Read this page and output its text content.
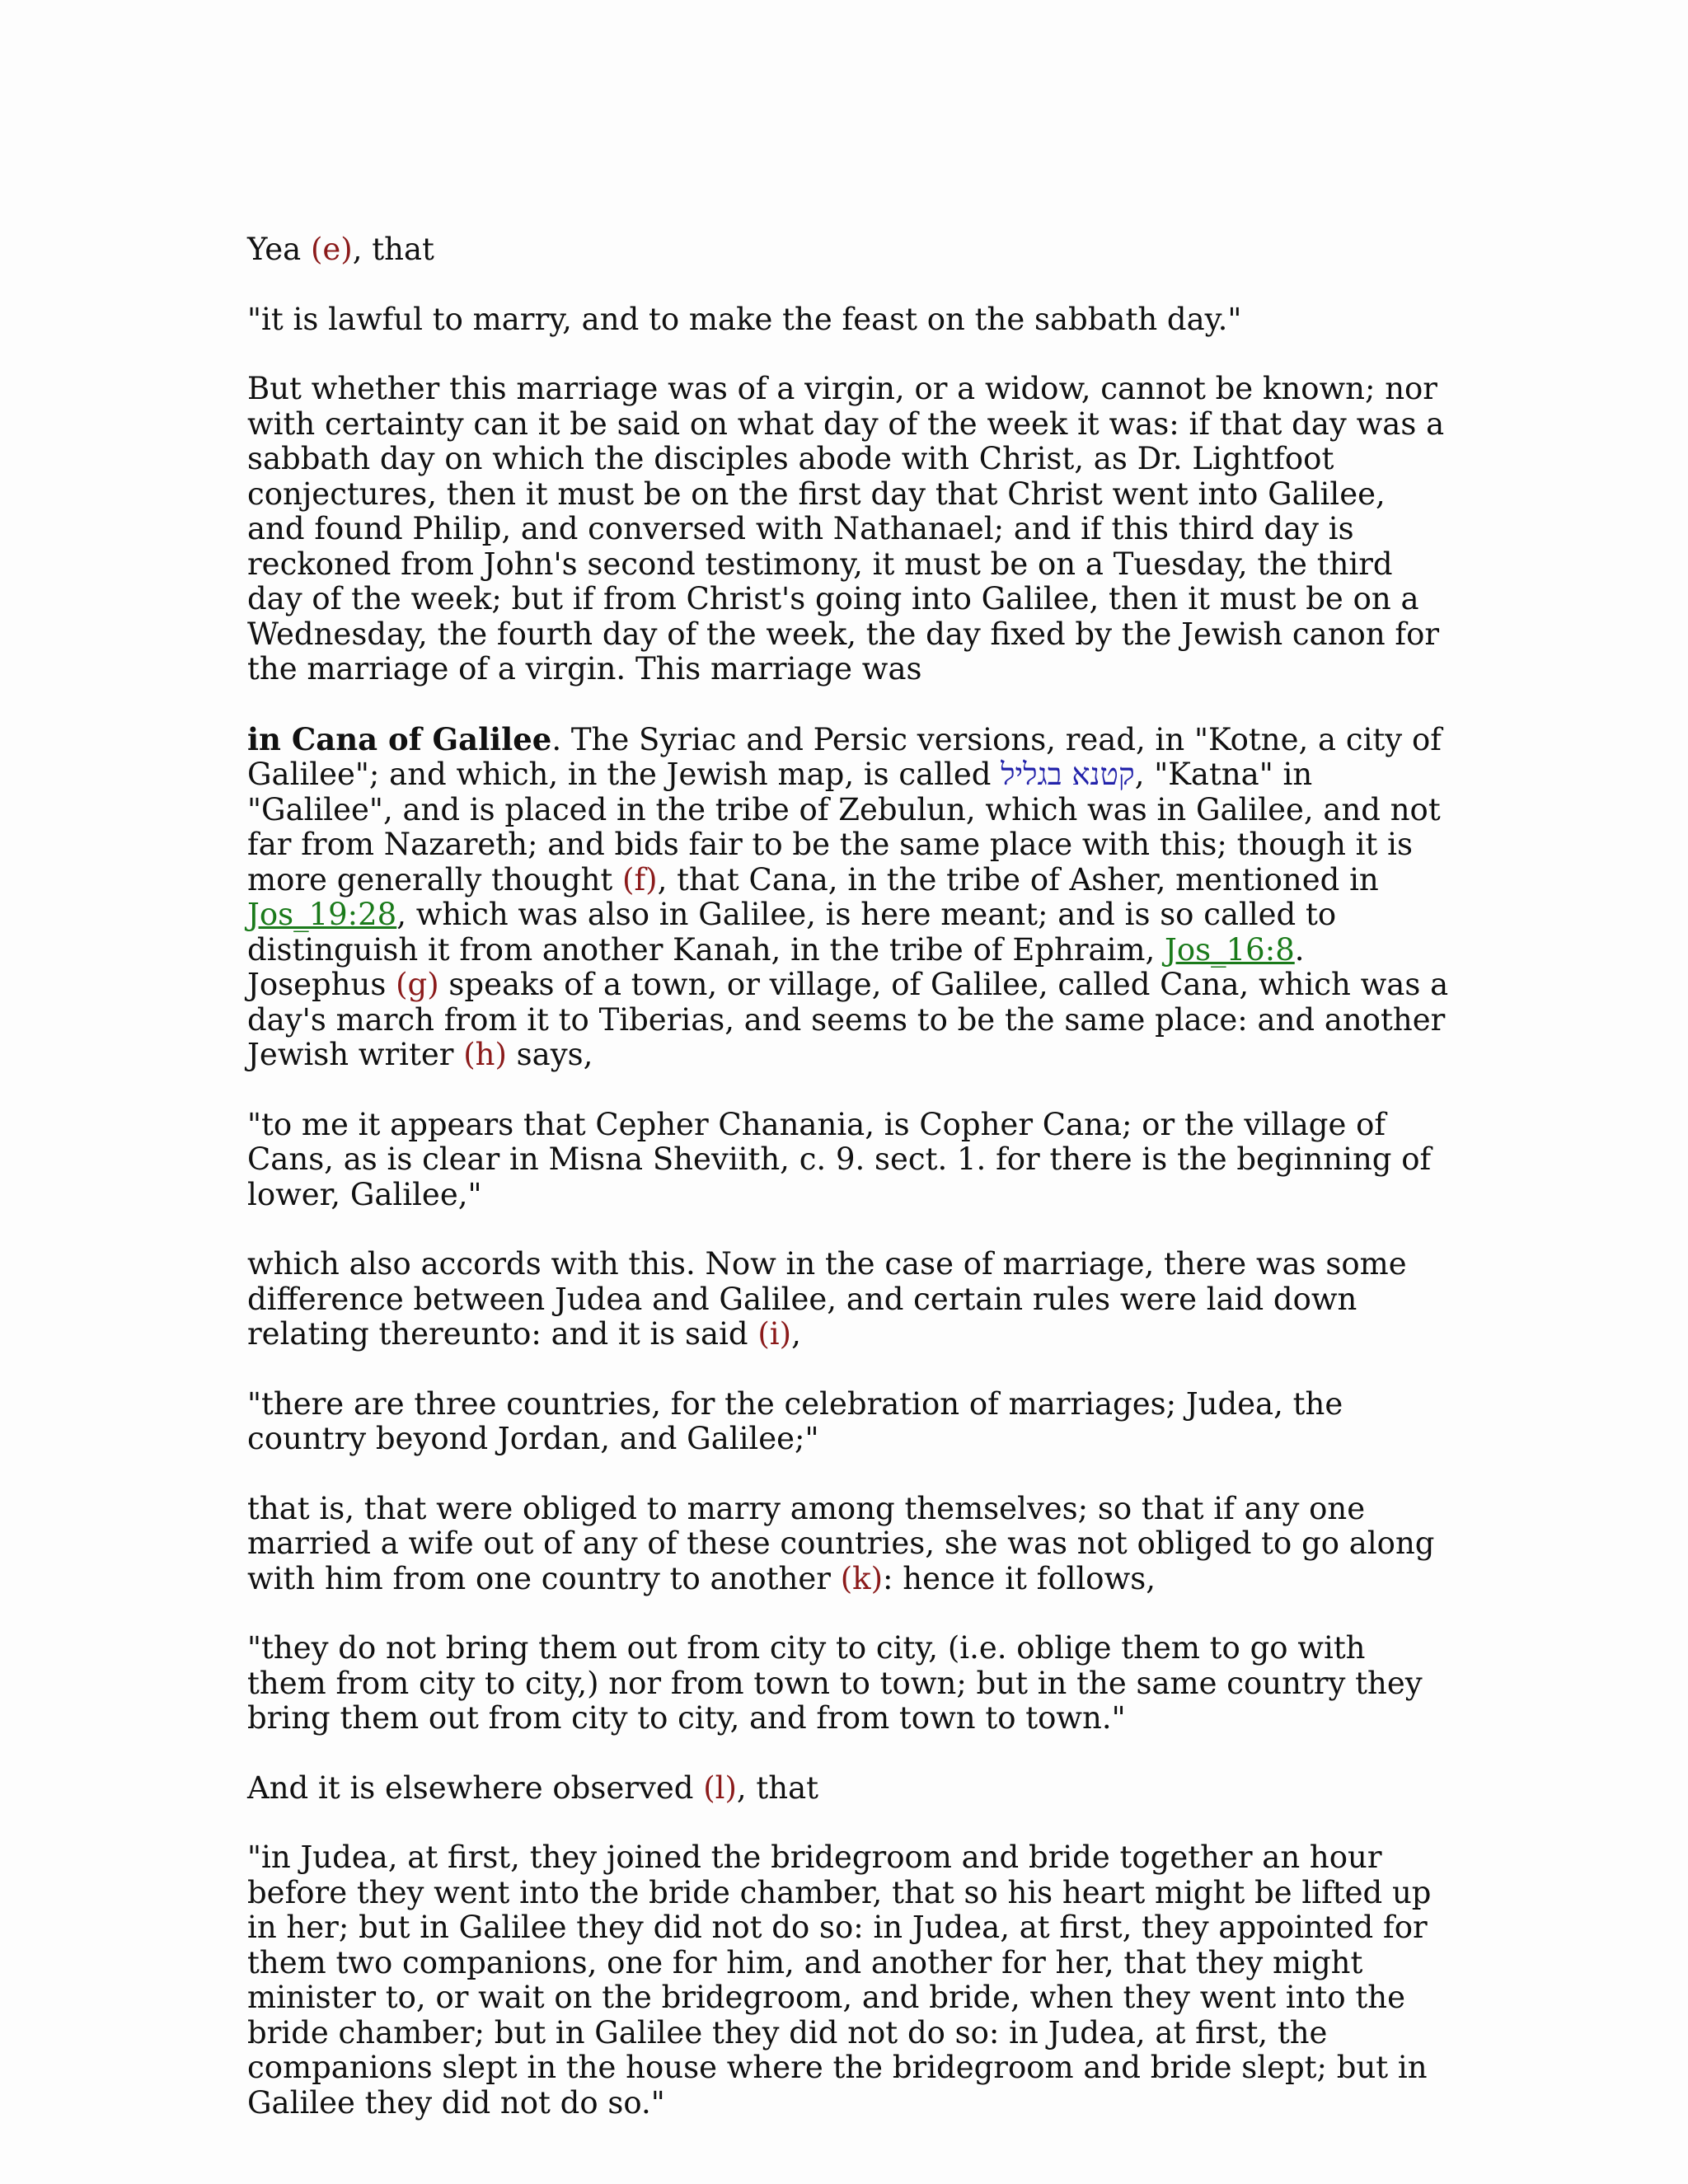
Yea (e), that

"it is lawful to marry, and to make the feast on the sabbath day."

But whether this marriage was of a virgin, or a widow, cannot be known; nor with certainty can it be said on what day of the week it was: if that day was a sabbath day on which the disciples abode with Christ, as Dr. Lightfoot conjectures, then it must be on the first day that Christ went into Galilee, and found Philip, and conversed with Nathanael; and if this third day is reckoned from John's second testimony, it must be on a Tuesday, the third day of the week; but if from Christ's going into Galilee, then it must be on a Wednesday, the fourth day of the week, the day fixed by the Jewish canon for the marriage of a virgin. This marriage was

in Cana of Galilee. The Syriac and Persic versions, read, in "Kotne, a city of Galilee"; and which, in the Jewish map, is called קטנא בגליל, "Katna" in "Galilee", and is placed in the tribe of Zebulun, which was in Galilee, and not far from Nazareth; and bids fair to be the same place with this; though it is more generally thought (f), that Cana, in the tribe of Asher, mentioned in Jos_19:28, which was also in Galilee, is here meant; and is so called to distinguish it from another Kanah, in the tribe of Ephraim, Jos_16:8. Josephus (g) speaks of a town, or village, of Galilee, called Cana, which was a day's march from it to Tiberias, and seems to be the same place: and another Jewish writer (h) says,

"to me it appears that Cepher Chanania, is Copher Cana; or the village of Cans, as is clear in Misna Sheviith, c. 9. sect. 1. for there is the beginning of lower, Galilee,"

which also accords with this. Now in the case of marriage, there was some difference between Judea and Galilee, and certain rules were laid down relating thereunto: and it is said (i),

"there are three countries, for the celebration of marriages; Judea, the country beyond Jordan, and Galilee;"

that is, that were obliged to marry among themselves; so that if any one married a wife out of any of these countries, she was not obliged to go along with him from one country to another (k): hence it follows,

"they do not bring them out from city to city, (i.e. oblige them to go with them from city to city,) nor from town to town; but in the same country they bring them out from city to city, and from town to town."

And it is elsewhere observed (l), that

"in Judea, at first, they joined the bridegroom and bride together an hour before they went into the bride chamber, that so his heart might be lifted up in her; but in Galilee they did not do so: in Judea, at first, they appointed for them two companions, one for him, and another for her, that they might minister to, or wait on the bridegroom, and bride, when they went into the bride chamber; but in Galilee they did not do so: in Judea, at first, the companions slept in the house where the bridegroom and bride slept; but in Galilee they did not do so."
